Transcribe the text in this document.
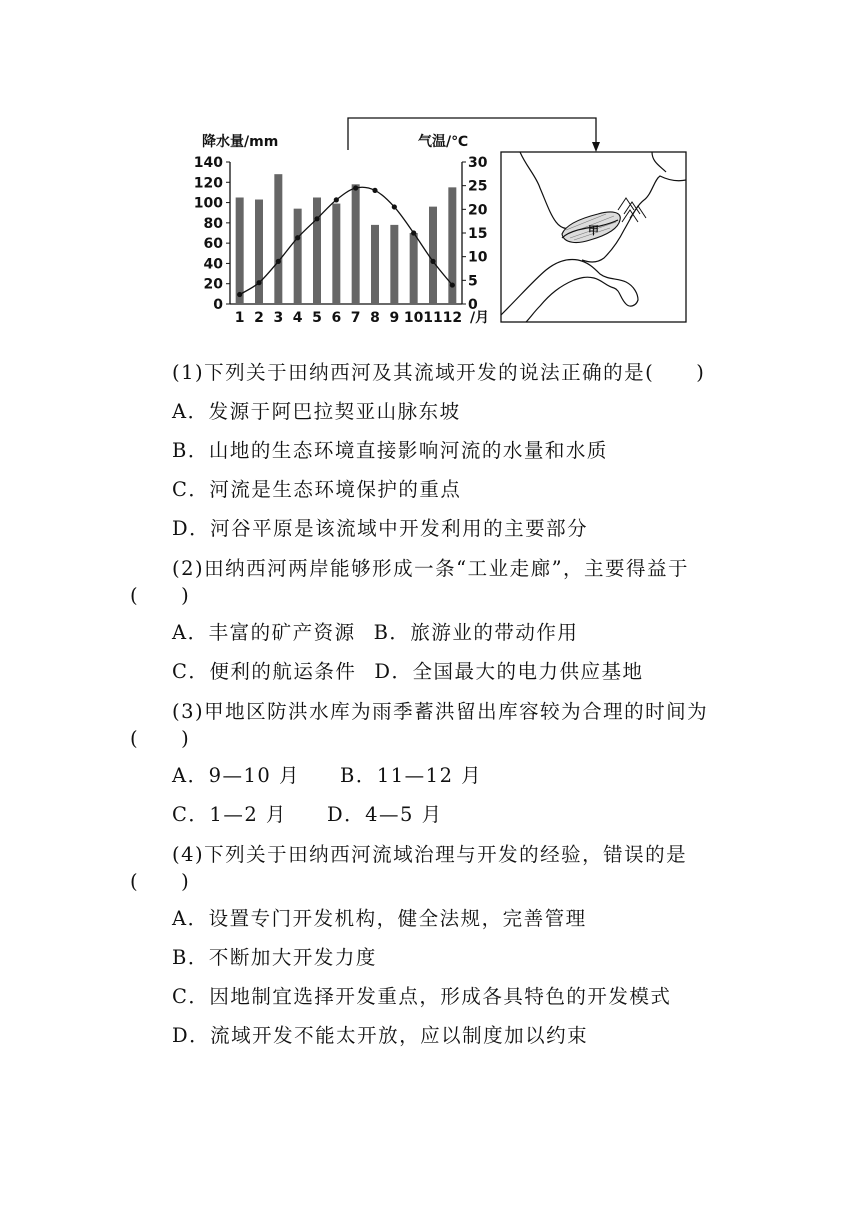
降水量/mm	气温/℃
0
20
40
60
80
100
120
140
0
5
10
15
20
25
30
1 2 3 4 5 6 7 8 9 10 11 12 /月
甲
(1)下列关于田纳西河及其流域开发的说法正确的是(　　)
A．发源于阿巴拉契亚山脉东坡
B．山地的生态环境直接影响河流的水量和水质
C．河流是生态环境保护的重点
D．河谷平原是该流域中开发利用的主要部分
(2)田纳西河两岸能够形成一条“工业走廊”，主要得益于
(　　)
A．丰富的矿产资源 B．旅游业的带动作用
C．便利的航运条件 D．全国最大的电力供应基地
(3)甲地区防洪水库为雨季蓄洪留出库容较为合理的时间为
(　　)
A．9—10 月 B．11—12 月
C．1—2 月 D．4—5 月
(4)下列关于田纳西河流域治理与开发的经验，错误的是
(　　)
A．设置专门开发机构，健全法规，完善管理
B．不断加大开发力度
C．因地制宜选择开发重点，形成各具特色的开发模式
D．流域开发不能太开放，应以制度加以约束
